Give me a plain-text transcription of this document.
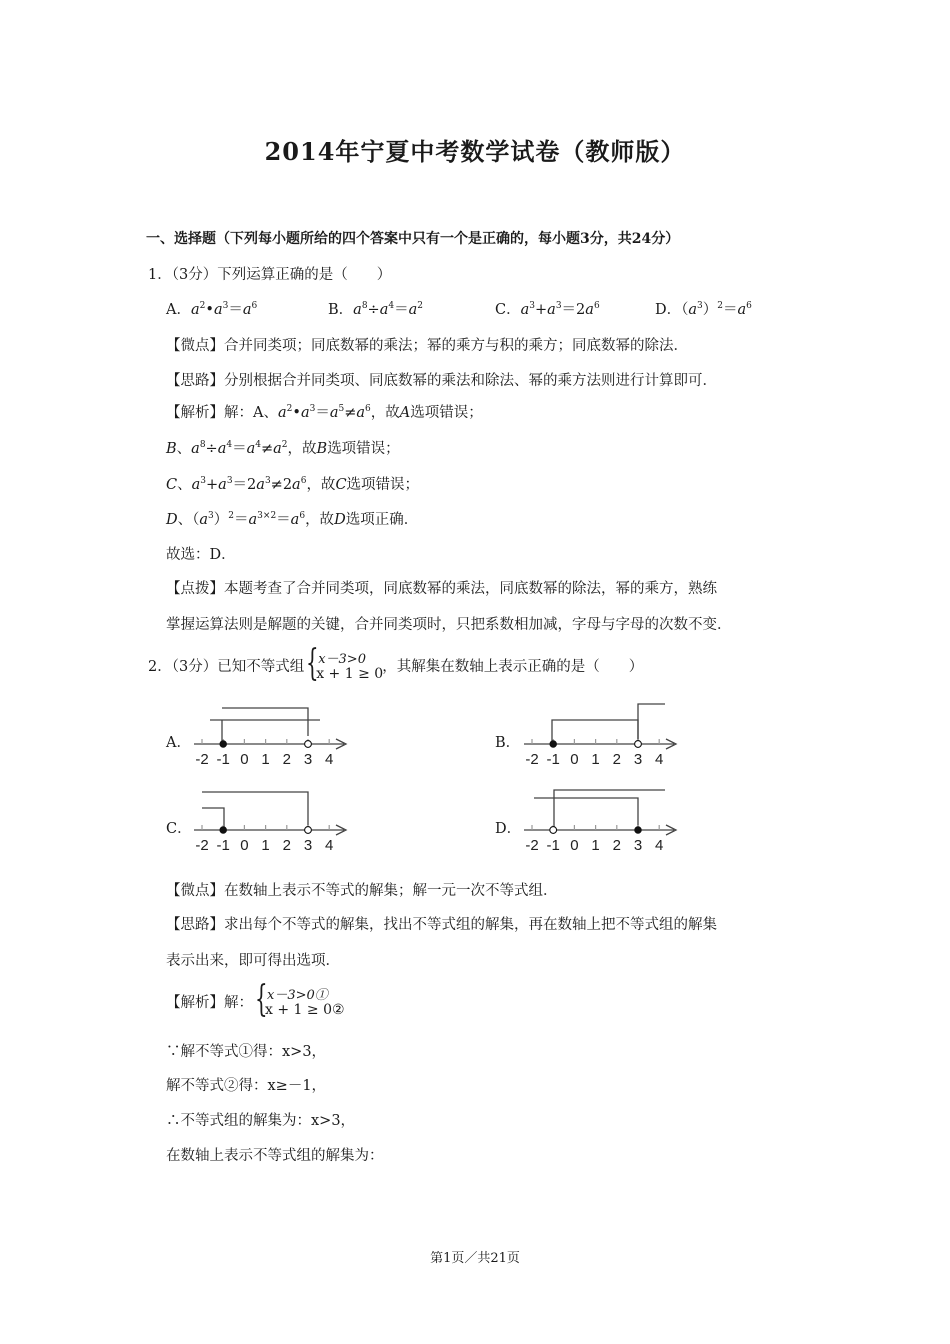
2014年宁夏中考数学试卷（教师版）
一、选择题（下列每小题所给的四个答案中只有一个是正确的，每小题3分，共24分）
1．（3分）下列运算正确的是（　　）
A．$a^2•a^3=a^6$	B．$a^8\div a^4=a^2$	C．$a^3+a^3=2a^6$	D．$(a^3)^2=a^6$
【微点】合并同类项；同底数幂的乘法；幂的乘方与积的乘方；同底数幂的除法．
【思路】分别根据合并同类项、同底数幂的乘法和除法、幂的乘方法则进行计算即可．
【解析】解：A、$a^2•a^3=a^5\ne a^6$，故A选项错误；
B、$a^8\div a^4=a^4\ne a^2$，故B选项错误；
C、$a^3+a^3=2a^3\ne 2a^6$，故C选项错误；
D、$(a^3)^2=a^{3\times 2}=a^6$，故D选项正确．
故选：D．
【点拨】本题考查了合并同类项，同底数幂的乘法，同底数幂的除法，幂的乘方，熟练
掌握运算法则是解题的关键，合并同类项时，只把系数相加减，字母与字母的次数不变．
2．（3分）已知不等式组 { x－3>0
x + 1 ≥ 0 ，其解集在数轴上表示正确的是（　　）
A．
-2 -1 0 1 2 3 4
B．
-2 -1 0 1 2 3 4
C．
-2 -1 0 1 2 3 4
D．
-2 -1 0 1 2 3 4
【微点】在数轴上表示不等式的解集；解一元一次不等式组．
【思路】求出每个不等式的解集，找出不等式组的解集，再在数轴上把不等式组的解集
表示出来，即可得出选项．
【解析】解： { x－3>0①
x + 1 ≥ 0②
∵解不等式①得：x>3，
解不等式②得：x≥－1，
∴不等式组的解集为：x>3，
在数轴上表示不等式组的解集为：
第1页／共21页
